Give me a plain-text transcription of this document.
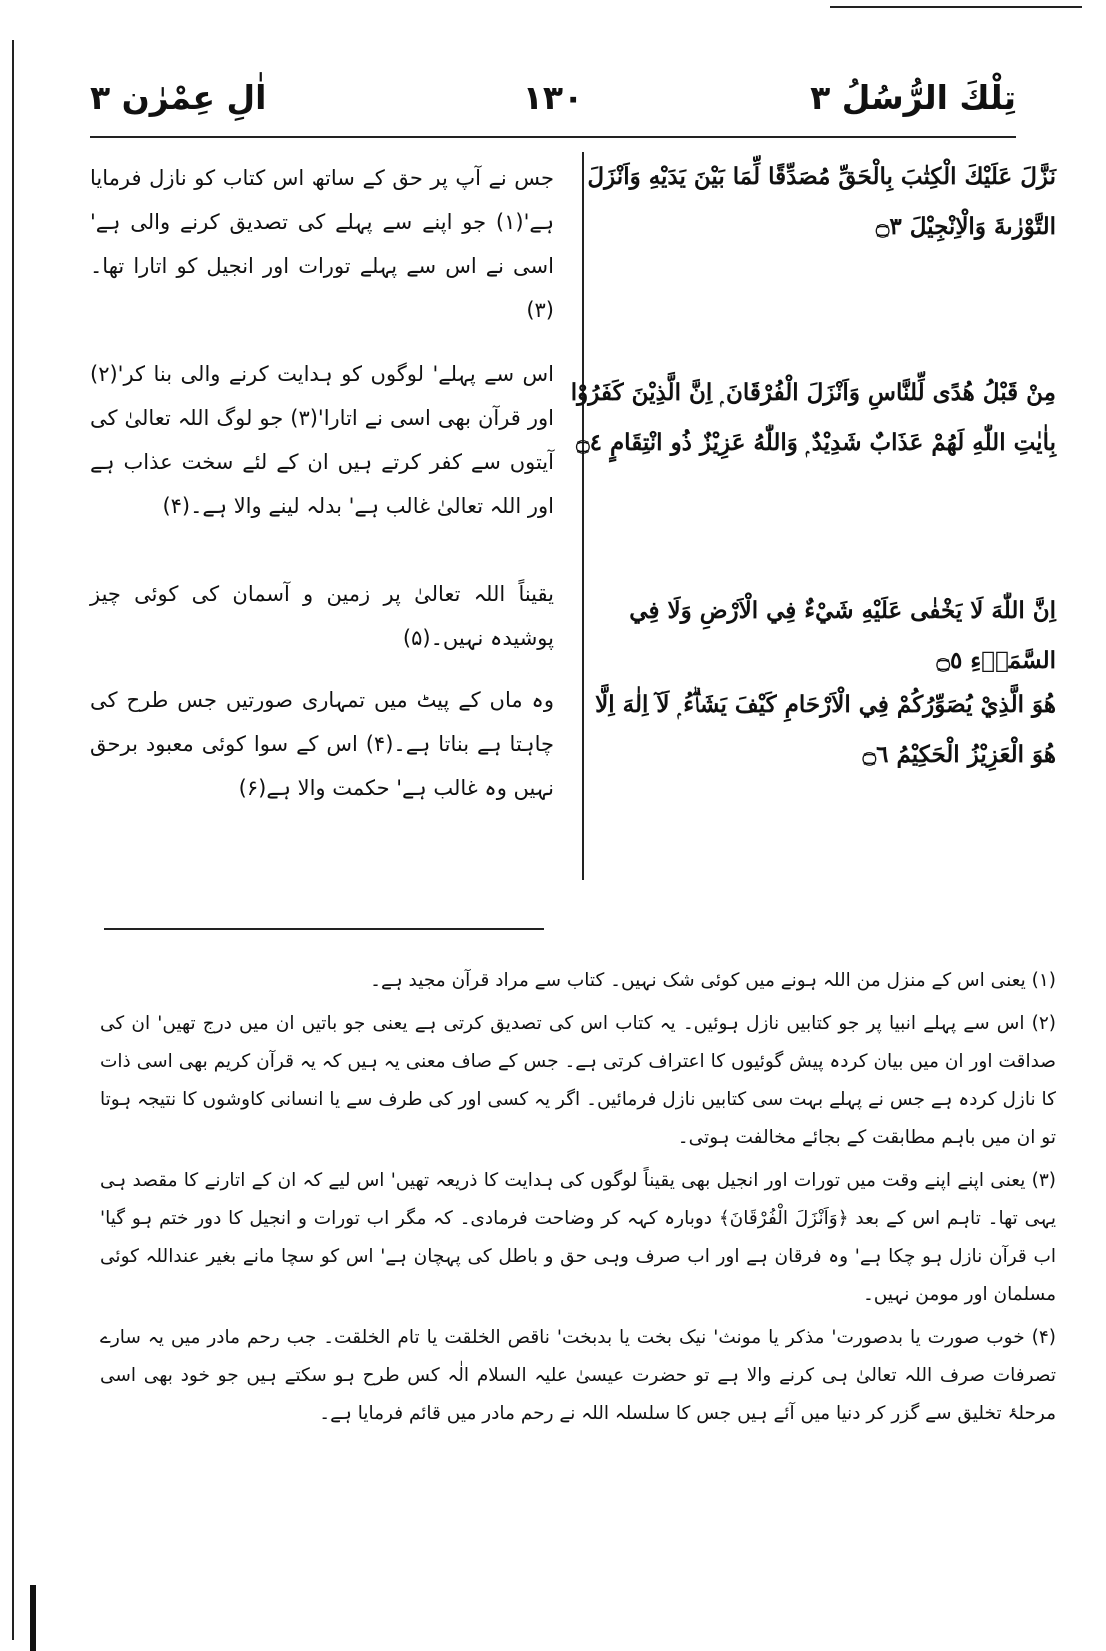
تِلْكَ الرُّسُلُ ٣
١٣٠
اٰلِ عِمْرٰن ٣
نَزَّلَ عَلَيْكَ الْكِتٰبَ بِالْحَقِّ مُصَدِّقًا لِّمَا بَيْنَ يَدَيْهِ وَاَنْزَلَ التَّوْرٰىةَ وَالْاِنْجِيْلَ ۝٣
جس نے آپ پر حق کے ساتھ اس کتاب کو نازل فرمایا ہے'(۱) جو اپنے سے پہلے کی تصدیق کرنے والی ہے' اسی نے اس سے پہلے تورات اور انجیل کو اتارا تھا۔(۳)
مِنْ قَبْلُ هُدًى لِّلنَّاسِ وَاَنْزَلَ الْفُرْقَانَ ۭ اِنَّ الَّذِيْنَ كَفَرُوْا بِاٰيٰتِ اللّٰهِ لَھُمْ عَذَابٌ شَدِيْدٌ ۭ وَاللّٰهُ عَزِيْزٌ ذُو انْتِقَامٍ ۝٤
اس سے پہلے' لوگوں کو ہدایت کرنے والی بنا کر'(۲) اور قرآن بھی اسی نے اتارا'(۳) جو لوگ اللہ تعالیٰ کی آیتوں سے کفر کرتے ہیں ان کے لئے سخت عذاب ہے اور اللہ تعالیٰ غالب ہے' بدلہ لینے والا ہے۔(۴)
اِنَّ اللّٰهَ لَا يَخْفٰى عَلَيْهِ شَيْءٌ فِي الْاَرْضِ وَلَا فِي السَّمَاۗءِ ۝٥
یقیناً اللہ تعالیٰ پر زمین و آسمان کی کوئی چیز پوشیدہ نہیں۔(۵)
ھُوَ الَّذِيْ يُصَوِّرُكُمْ فِي الْاَرْحَامِ كَيْفَ يَشَاۗءُ ۭ لَآ اِلٰهَ اِلَّا ھُوَ الْعَزِيْزُ الْحَكِيْمُ ۝٦
وہ ماں کے پیٹ میں تمہاری صورتیں جس طرح کی چاہتا ہے بناتا ہے۔(۴) اس کے سوا کوئی معبود برحق نہیں وہ غالب ہے' حکمت والا ہے(۶)

(۱) یعنی اس کے منزل من اللہ ہونے میں کوئی شک نہیں۔ کتاب سے مراد قرآن مجید ہے۔

(۲) اس سے پہلے انبیا پر جو کتابیں نازل ہوئیں۔ یہ کتاب اس کی تصدیق کرتی ہے یعنی جو باتیں ان میں درج تھیں' ان کی صداقت اور ان میں بیان کردہ پیش گوئیوں کا اعتراف کرتی ہے۔ جس کے صاف معنی یہ ہیں کہ یہ قرآن کریم بھی اسی ذات کا نازل کردہ ہے جس نے پہلے بہت سی کتابیں نازل فرمائیں۔ اگر یہ کسی اور کی طرف سے یا انسانی کاوشوں کا نتیجہ ہوتا تو ان میں باہم مطابقت کے بجائے مخالفت ہوتی۔

(۳) یعنی اپنے اپنے وقت میں تورات اور انجیل بھی یقیناً لوگوں کی ہدایت کا ذریعہ تھیں' اس لیے کہ ان کے اتارنے کا مقصد ہی یہی تھا۔ تاہم اس کے بعد ﴿وَاَنْزَلَ الْفُرْقَانَ﴾ دوبارہ کہہ کر وضاحت فرمادی۔ کہ مگر اب تورات و انجیل کا دور ختم ہو گیا' اب قرآن نازل ہو چکا ہے' وہ فرقان ہے اور اب صرف وہی حق و باطل کی پہچان ہے' اس کو سچا مانے بغیر عنداللہ کوئی مسلمان اور مومن نہیں۔

(۴) خوب صورت یا بدصورت' مذکر یا مونث' نیک بخت یا بدبخت' ناقص الخلقت یا تام الخلقت۔ جب رحم مادر میں یہ سارے تصرفات صرف اللہ تعالیٰ ہی کرنے والا ہے تو حضرت عیسیٰ علیہ السلام الٰہ کس طرح ہو سکتے ہیں جو خود بھی اسی مرحلۂ تخلیق سے گزر کر دنیا میں آئے ہیں جس کا سلسلہ اللہ نے رحم مادر میں قائم فرمایا ہے۔
